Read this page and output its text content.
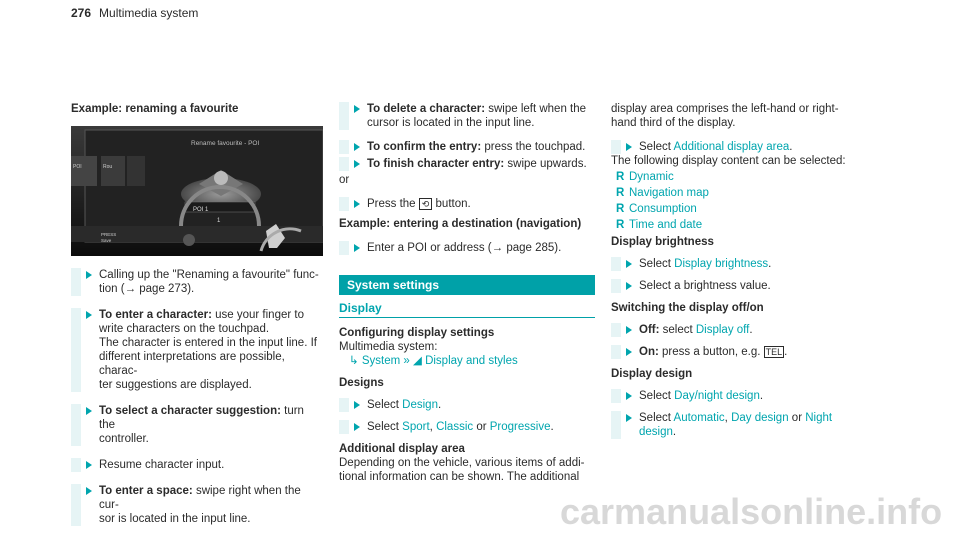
276 Multimedia system
Example: renaming a favourite
Rename favourite - POI
POI	Rou
POI 1
1
PRESS
Save
Calling up the "Renaming a favourite" func-
tion (→ page 273).
To enter a character: use your finger to
write characters on the touchpad.
The character is entered in the input line. If
different interpretations are possible, charac-
ter suggestions are displayed.
To select a character suggestion: turn the
controller.
Resume character input.
To enter a space: swipe right when the cur-
sor is located in the input line.
To delete a character: swipe left when the
cursor is located in the input line.
To confirm the entry: press the touchpad.
To finish character entry: swipe upwards.
or
Press the ⟲ button.
Example: entering a destination (navigation)
Enter a POI or address (→ page 285).
System settings
Display
Configuring display settings
Multimedia system:
↳ System » ◢ Display and styles
Designs
Select Design.
Select Sport, Classic or Progressive.
Additional display area
Depending on the vehicle, various items of addi-
tional information can be shown. The additional
display area comprises the left-hand or right-
hand third of the display.
Select Additional display area.
The following display content can be selected:
R Dynamic
R Navigation map
R Consumption
R Time and date
Display brightness
Select Display brightness.
Select a brightness value.
Switching the display off/on
Off: select Display off.
On: press a button, e.g. TEL .
Display design
Select Day/night design.
Select Automatic, Day design or Night
design.
carmanualsonline.info
